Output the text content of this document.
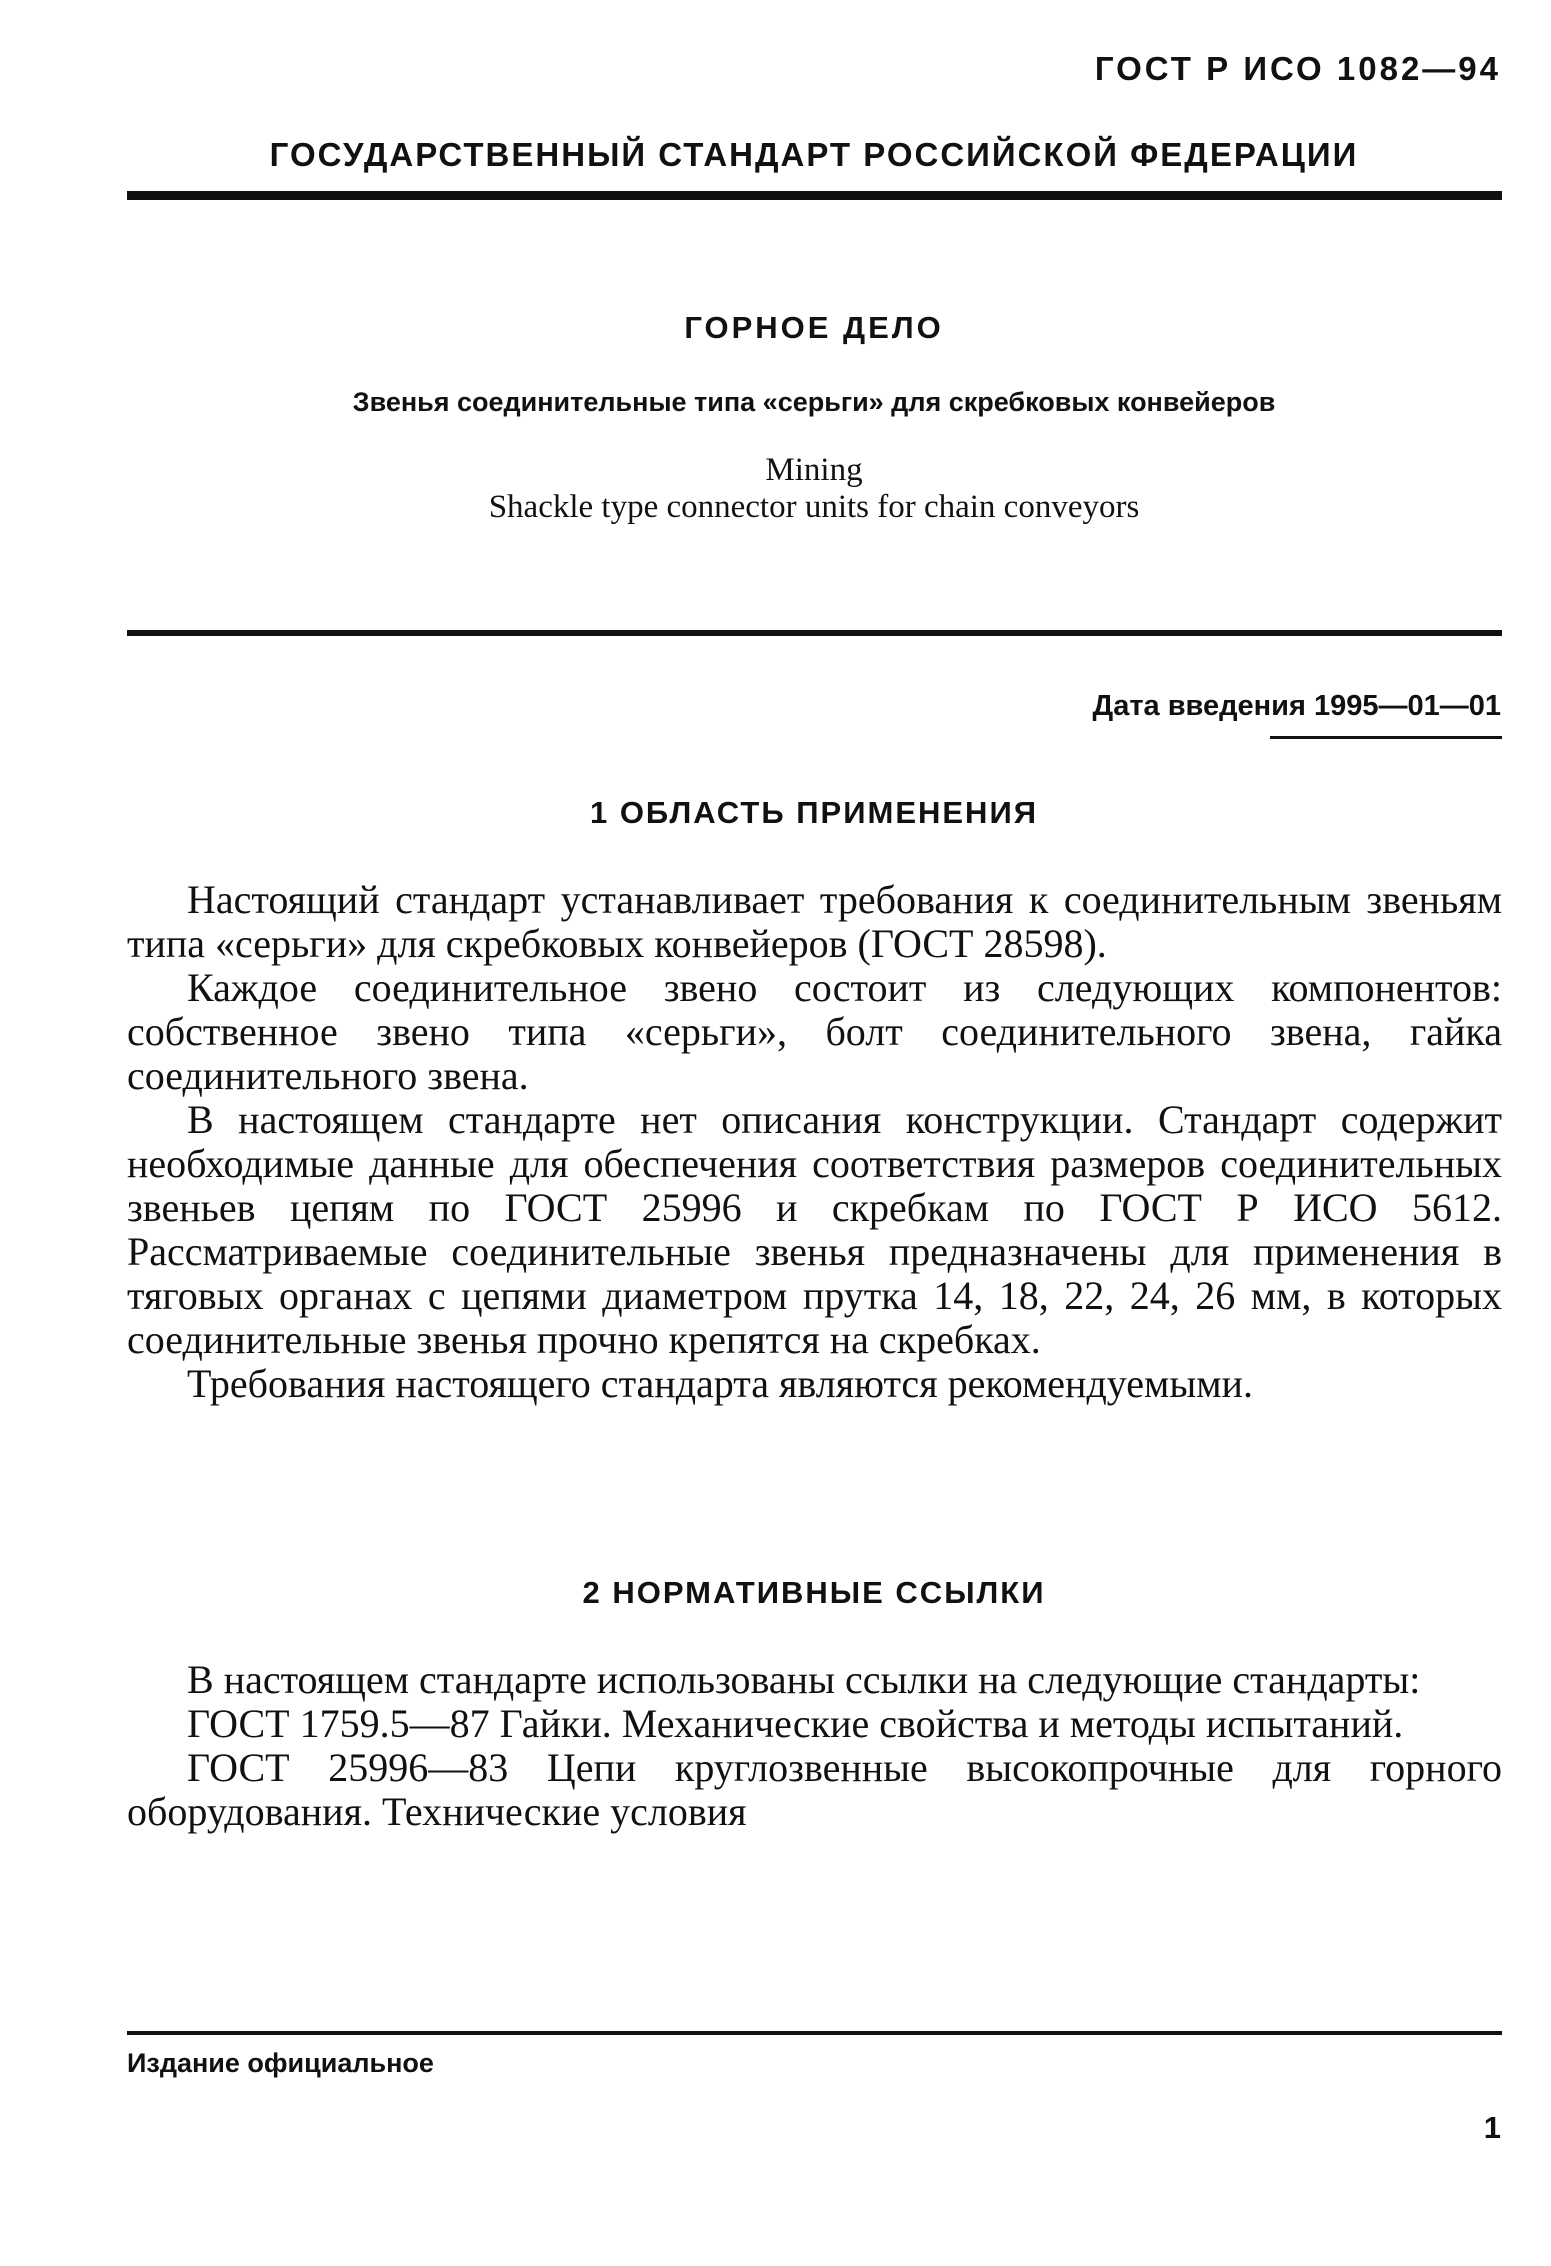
ГОСТ Р ИСО 1082—94
ГОСУДАРСТВЕННЫЙ СТАНДАРТ РОССИЙСКОЙ ФЕДЕРАЦИИ
ГОРНОЕ ДЕЛО
Звенья соединительные типа «серьги» для скребковых конвейеров
Mining
Shackle type connector units for chain conveyors
Дата введения 1995—01—01
1 ОБЛАСТЬ ПРИМЕНЕНИЯ

Настоящий стандарт устанавливает требования к соединительным звеньям типа «серьги» для скребковых конвейеров (ГОСТ 28598).

Каждое соединительное звено состоит из следующих компонентов: собственное звено типа «серьги», болт соединительного звена, гайка соединительного звена.

В настоящем стандарте нет описания конструкции. Стандарт содержит необходимые данные для обеспечения соответствия размеров соединительных звеньев цепям по ГОСТ 25996 и скребкам по ГОСТ Р ИСО 5612. Рассматриваемые соединительные звенья предназначены для применения в тяговых органах с цепями диаметром прутка 14, 18, 22, 24, 26 мм, в которых соединительные звенья прочно крепятся на скребках.

Требования настоящего стандарта являются рекомендуемыми.

2 НОРМАТИВНЫЕ ССЫЛКИ

В настоящем стандарте использованы ссылки на следующие стандарты:

ГОСТ 1759.5—87 Гайки. Механические свойства и методы испытаний.

ГОСТ 25996—83 Цепи круглозвенные высокопрочные для горного оборудования. Технические условия

Издание официальное
1
